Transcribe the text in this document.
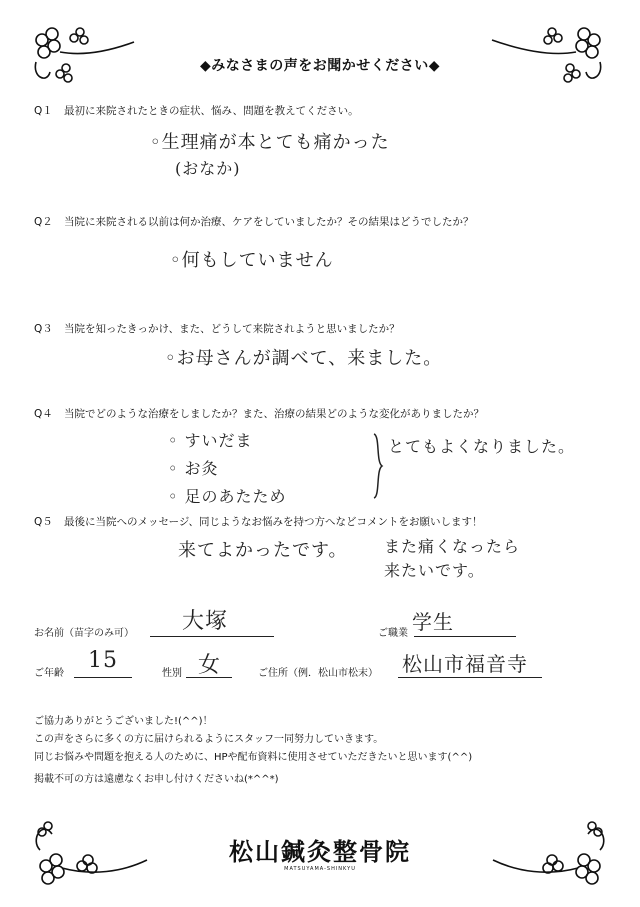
◆みなさまの声をお聞かせください◆
Q１ 最初に来院されたときの症状、悩み、問題を教えてください。
◦生理痛が本とても痛かった
(おなか)
Q２ 当院に来院される以前は何か治療、ケアをしていましたか？その結果はどうでしたか？
◦何もしていません
Q３ 当院を知ったきっかけ、また、どうして来院されようと思いましたか？
◦お母さんが調べて、来ました。
Q４ 当院でどのような治療をしましたか？また、治療の結果どのような変化がありましたか？
◦ すいだま
◦ お灸
◦ 足のあたため
とてもよくなりました。
Q５ 最後に当院へのメッセージ、同じようなお悩みを持つ方へなどコメントをお願いします！
来てよかったです。 また痛くなったら
来たいです。
お名前（苗字のみ可） 大塚	ご職業 学生
ご年齢
15
性別 女	ご住所（例．松山市松末） 松山市福音寺
ご協力ありがとうございました!(^^)！
この声をさらに多くの方に届けられるようにスタッフ一同努力していきます。
同じお悩みや問題を抱える人のために、HPや配布資料に使用させていただきたいと思います(^^)
掲載不可の方は遠慮なくお申し付けくださいね(*^^*)
松山鍼灸整骨院
MATSUYAMA-SHINKYU
